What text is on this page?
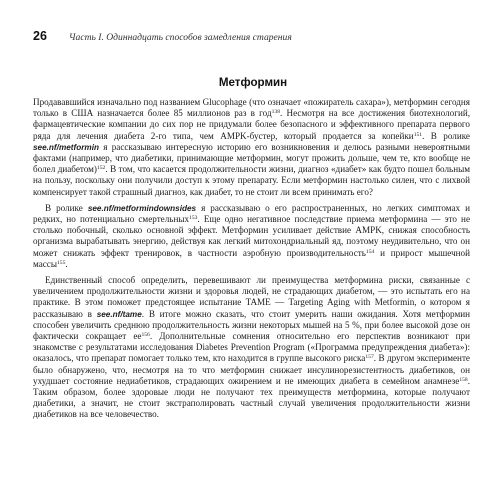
26 Часть I. Одиннадцать способов замедления старения
Метформин

Продававшийся изначально под названием Glucophage (что означает «пожиратель сахара»), метформин сегодня только в США назначается более 85 миллионов раз в год$^{138}$. Несмотря на все достижения биотехнологий, фармацевтические компании до сих пор не придумали более безопасного и эффективного препарата первого ряда для лечения диабета 2-го типа, чем AMPK-бустер, который продается за копейки$^{151}$. В ролике see.nf/metformin я рассказываю интересную историю его возникновения и делюсь разными невероятными фактами (например, что диабетики, принимающие метформин, могут прожить дольше, чем те, кто вообще не болел диабетом)$^{152}$. В том, что касается продолжительности жизни, диагноз «диабет» как будто пошел больным на пользу, поскольку они получили доступ к этому препарату. Если метформин настолько силен, что с лихвой компенсирует такой страшный диагноз, как диабет, то не стоит ли всем принимать его?

В ролике see.nf/metformindownsides я рассказываю о его распространенных, но легких симптомах и редких, но потенциально смертельных$^{153}$. Еще одно негативное последствие приема метформина — это не столько побочный, сколько основной эффект. Метформин усиливает действие AMPK, снижая способность организма вырабатывать энергию, действуя как легкий митохондриальный яд, поэтому неудивительно, что он может снижать эффект тренировок, в частности аэробную производительность$^{154}$ и прирост мышечной массы$^{155}$.

Единственный способ определить, перевешивают ли преимущества метформина риски, связанные с увеличением продолжительности жизни и здоровья людей, не страдающих диабетом, — это испытать его на практике. В этом поможет предстоящее испытание TAME — Targeting Aging with Metformin, о котором я рассказываю в see.nf/tame. В итоге можно сказать, что стоит умерить наши ожидания. Хотя метформин способен увеличить среднюю продолжительность жизни некоторых мышей на 5 %, при более высокой дозе он фактически сокращает $ее^{156}$. Дополнительные сомнения относительно его перспектив возникают при знакомстве с результатами исследования Diabetes Prevention Program («Программа предупреждения диабета»): оказалось, что препарат помогает только тем, кто находится в группе высокого риска$^{157}$. В другом эксперименте было обнаружено, что, несмотря на то что метформин снижает инсулинорезистентность диабетиков, он ухудшает состояние недиабетиков, страдающих ожирением и не имеющих диабета в семейном анамнезе$^{158}$. Таким образом, более здоровые люди не получают тех преимуществ метформина, которые получают диабетики, а значит, не стоит экстраполировать частный случай увеличения продолжительности жизни диабетиков на все человечество.
